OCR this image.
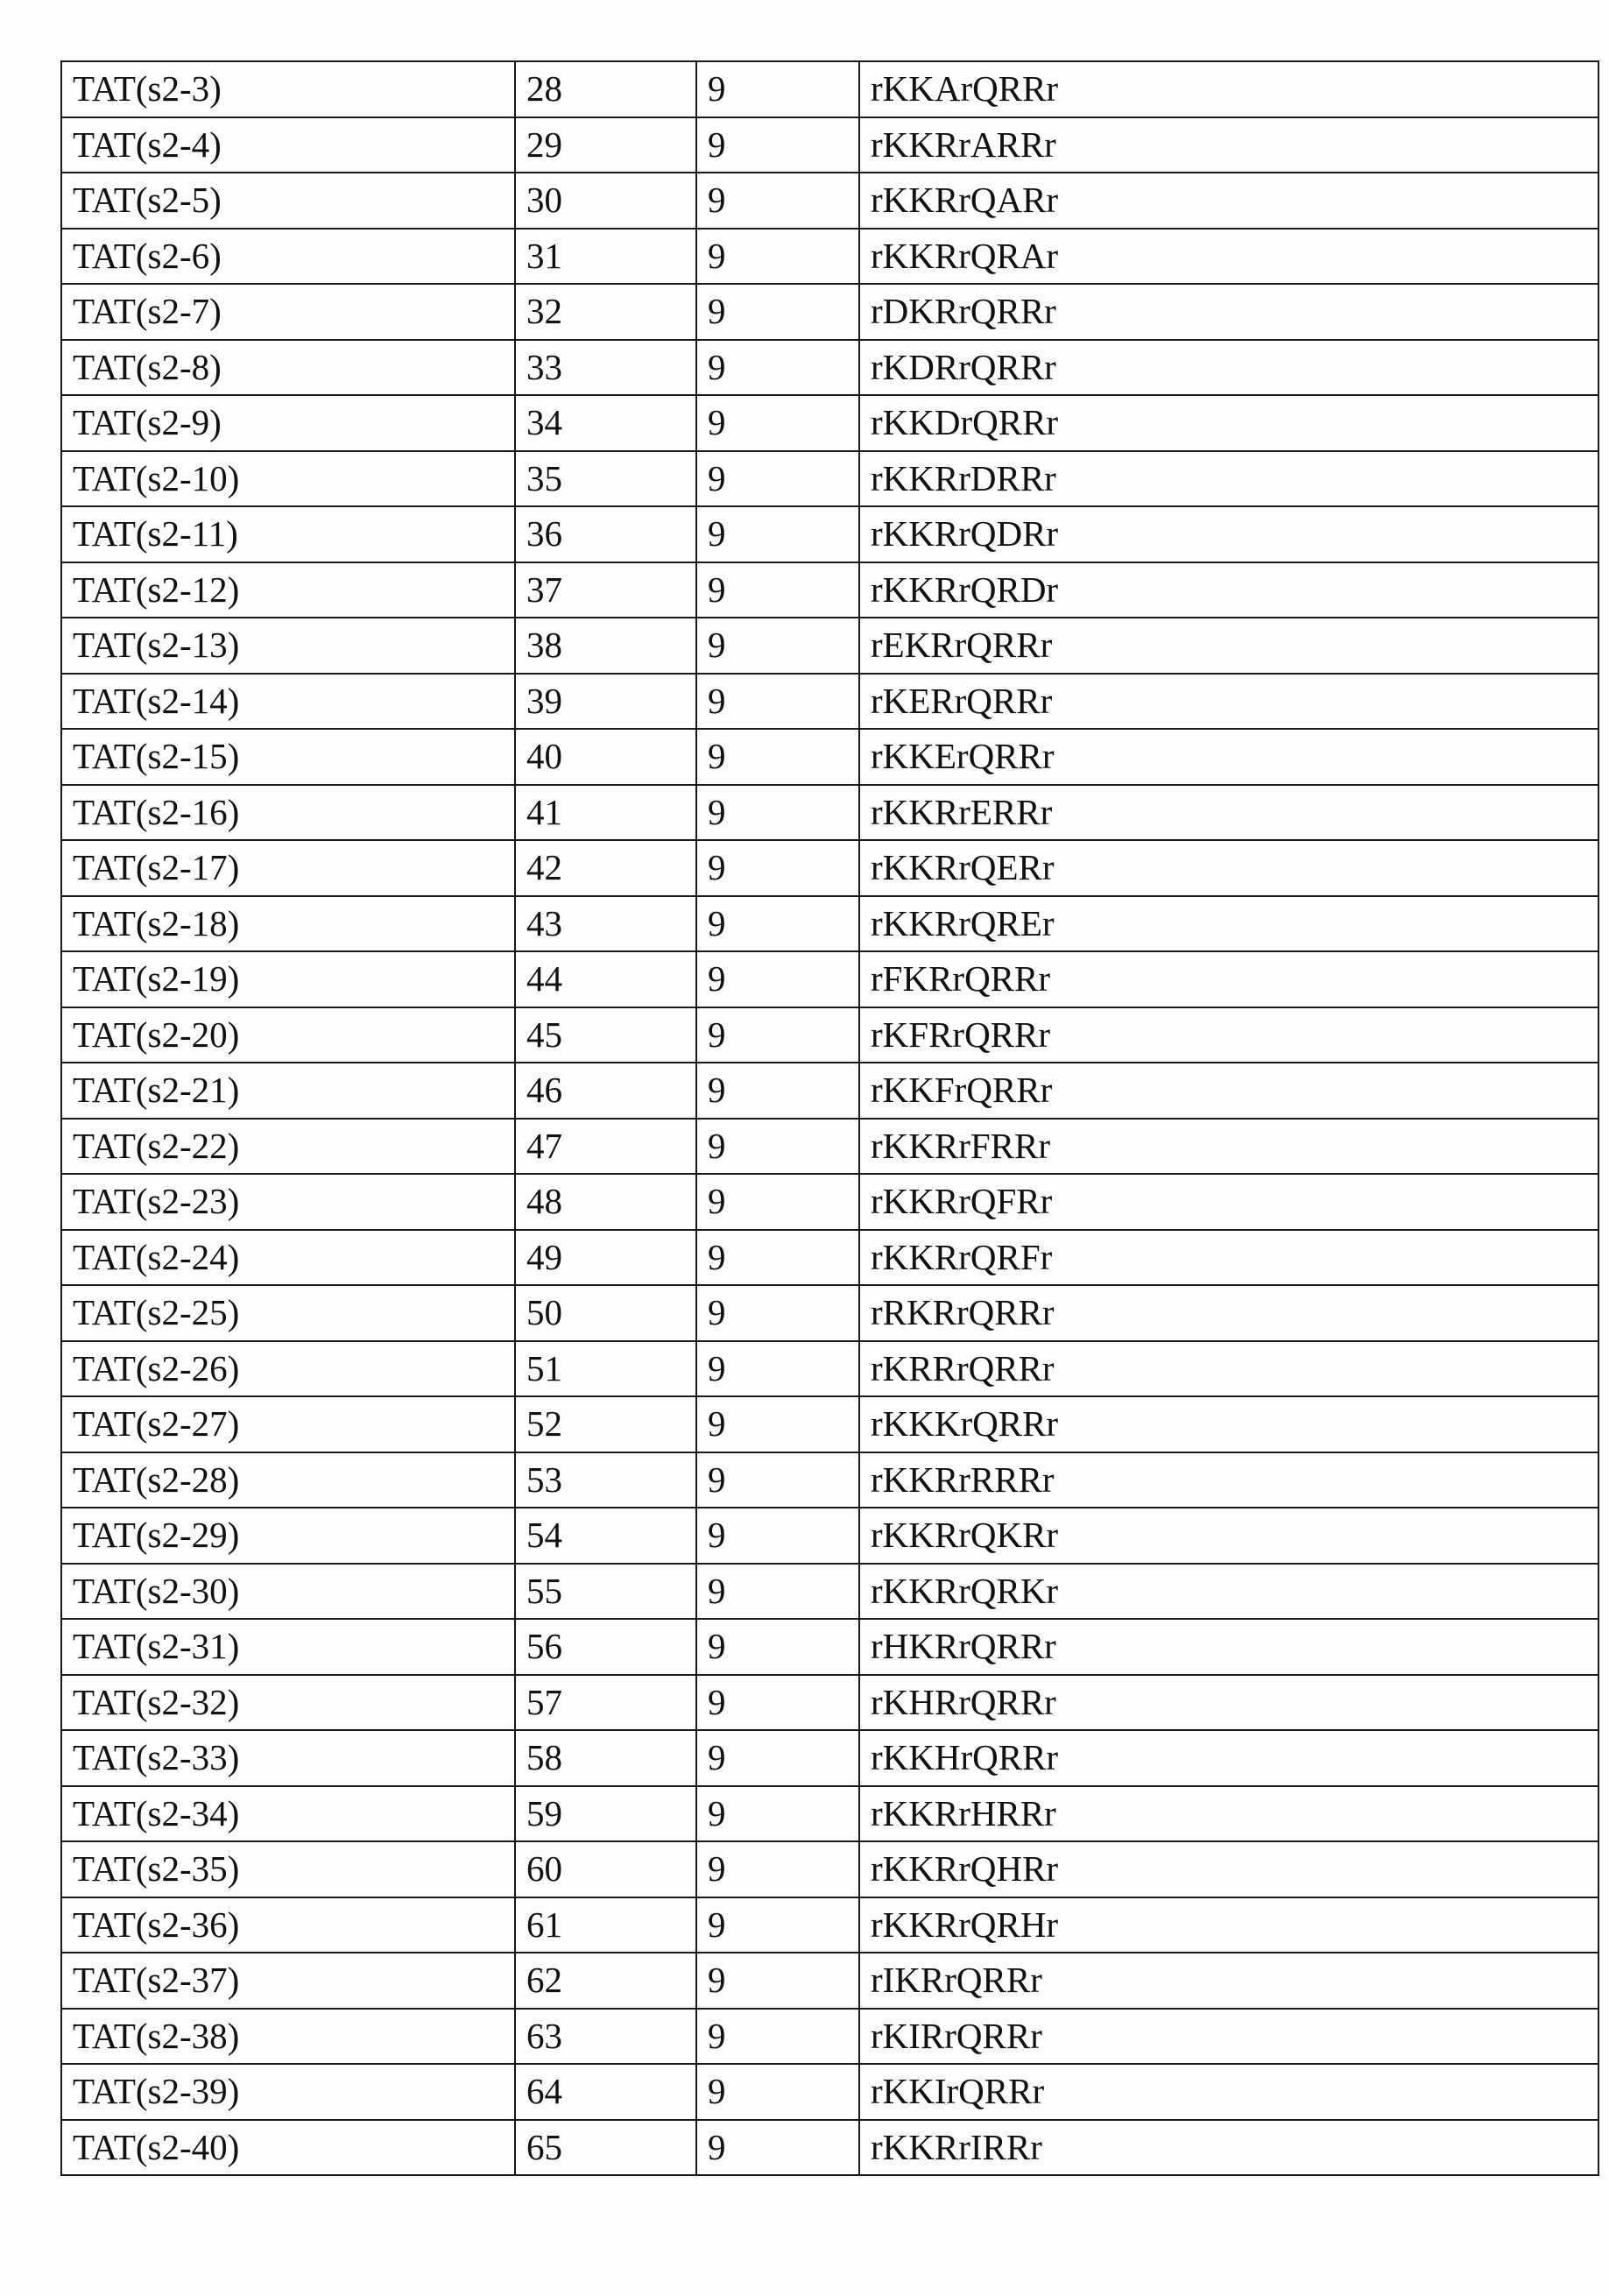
TAT(s2-3)	28	9	rKKArQRRr
TAT(s2-4)	29	9	rKKRrARRr
TAT(s2-5)	30	9	rKKRrQARr
TAT(s2-6)	31	9	rKKRrQRAr
TAT(s2-7)	32	9	rDKRrQRRr
TAT(s2-8)	33	9	rKDRrQRRr
TAT(s2-9)	34	9	rKKDrQRRr
TAT(s2-10)	35	9	rKKRrDRRr
TAT(s2-11)	36	9	rKKRrQDRr
TAT(s2-12)	37	9	rKKRrQRDr
TAT(s2-13)	38	9	rEKRrQRRr
TAT(s2-14)	39	9	rKERrQRRr
TAT(s2-15)	40	9	rKKErQRRr
TAT(s2-16)	41	9	rKKRrERRr
TAT(s2-17)	42	9	rKKRrQERr
TAT(s2-18)	43	9	rKKRrQREr
TAT(s2-19)	44	9	rFKRrQRRr
TAT(s2-20)	45	9	rKFRrQRRr
TAT(s2-21)	46	9	rKKFrQRRr
TAT(s2-22)	47	9	rKKRrFRRr
TAT(s2-23)	48	9	rKKRrQFRr
TAT(s2-24)	49	9	rKKRrQRFr
TAT(s2-25)	50	9	rRKRrQRRr
TAT(s2-26)	51	9	rKRRrQRRr
TAT(s2-27)	52	9	rKKKrQRRr
TAT(s2-28)	53	9	rKKRrRRRr
TAT(s2-29)	54	9	rKKRrQKRr
TAT(s2-30)	55	9	rKKRrQRKr
TAT(s2-31)	56	9	rHKRrQRRr
TAT(s2-32)	57	9	rKHRrQRRr
TAT(s2-33)	58	9	rKKHrQRRr
TAT(s2-34)	59	9	rKKRrHRRr
TAT(s2-35)	60	9	rKKRrQHRr
TAT(s2-36)	61	9	rKKRrQRHr
TAT(s2-37)	62	9	rIKRrQRRr
TAT(s2-38)	63	9	rKIRrQRRr
TAT(s2-39)	64	9	rKKIrQRRr
TAT(s2-40)	65	9	rKKRrIRRr
